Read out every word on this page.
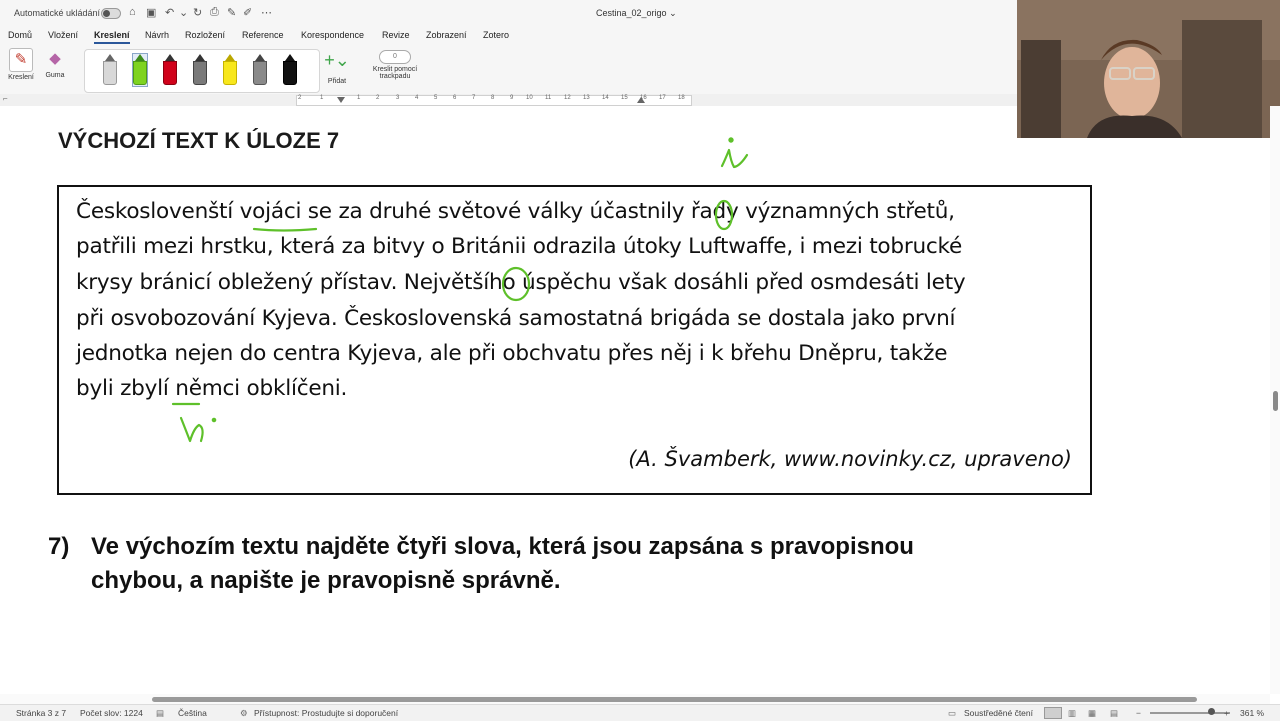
Automatické ukládání	⌂ ▣ ↶ ⌄ ↻ ⎙ ✎ ✐ ⋯	Cestina_02_origo ⌄
Domů Vložení Kreslení Návrh Rozložení Reference Korespondence Revize Zobrazení Zotero
✎
Kreslení
◆
Guma
+⌄
Přidat
0
Kreslit pomocí
trackpadu
⌐	2	1	1	2	3	4	5	6	7	8	9 10 11 12 13 14 15 16 17 18
VÝCHOZÍ TEXT K ÚLOZE 7
Českoslovenští vojáci se za druhé světové války účastnily řady významných střetů,
patřili mezi hrstku, která za bitvy o Británii odrazila útoky Luftwaffe, i mezi tobrucké
krysy bránicí obležený přístav. Největšího úspěchu však dosáhli před osmdesáti lety
při osvobozování Kyjeva. Československá samostatná brigáda se dostala jako první
jednotka nejen do centra Kyjeva, ale při obchvatu přes něj i k břehu Dněpru, takže
byli zbylí němci obklíčeni.
(A. Švamberk, www.novinky.cz, upraveno)
7) Ve výchozím textu najděte čtyři slova, která jsou zapsána s pravopisnou
chybou, a napište je pravopisně správně.
Stránka 3 z 7 Počet slov: 1224 ▤ Čeština	⚙ Přístupnost: Prostudujte si doporučení	▭ Soustředěné čtení	▥ ▦ ▤ −	+ 361 %
